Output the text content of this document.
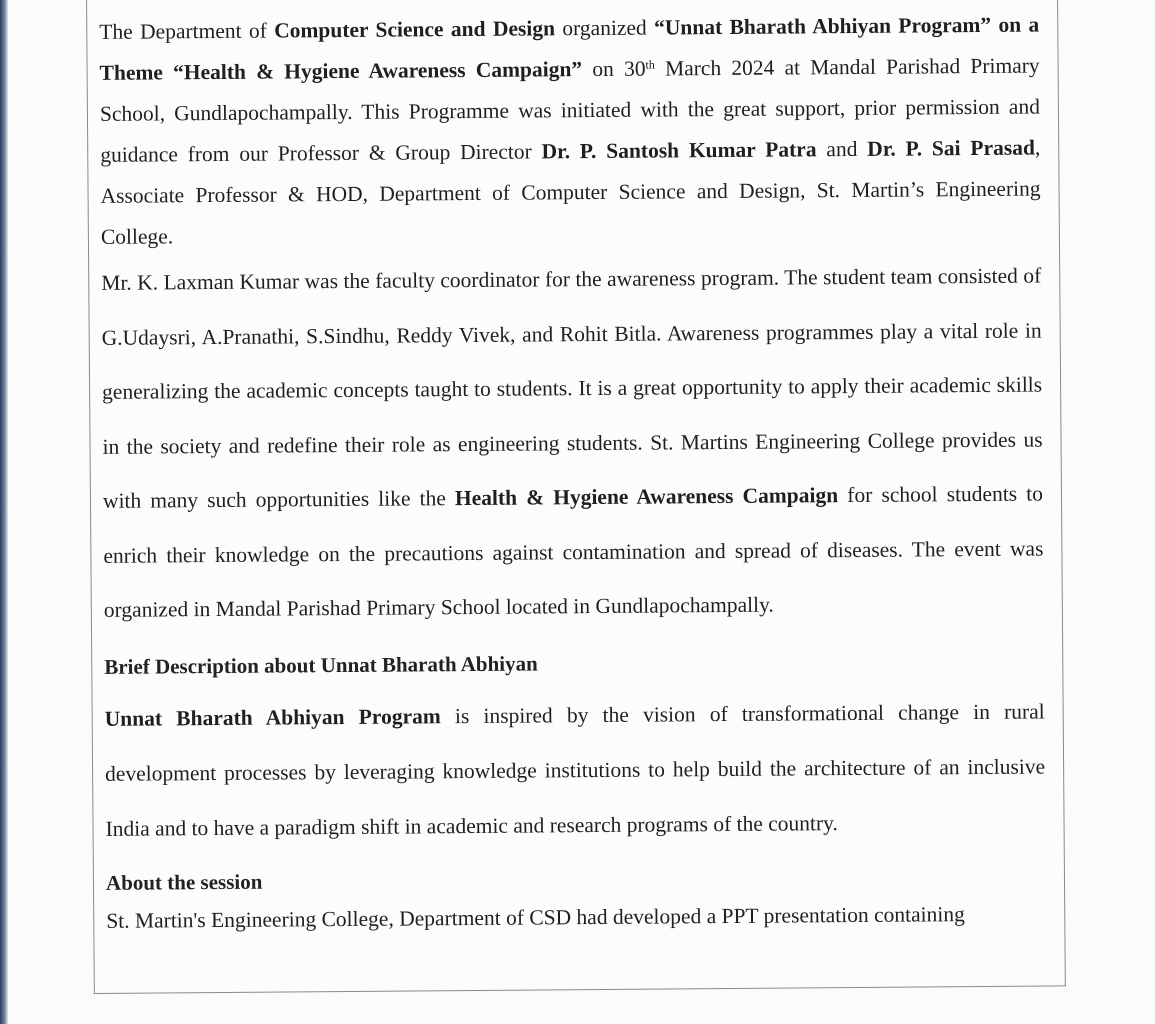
The Department of Computer Science and Design organized “Unnat Bharath Abhiyan Program” on a Theme “Health & Hygiene Awareness Campaign” on 30th March 2024 at Mandal Parishad Primary School, Gundlapochampally. This Programme was initiated with the great support, prior permission and guidance from our Professor & Group Director Dr. P. Santosh Kumar Patra and Dr. P. Sai Prasad, Associate Professor & HOD, Department of Computer Science and Design, St. Martin’s Engineering College.

Mr. K. Laxman Kumar was the faculty coordinator for the awareness program. The student team consisted of G.Udaysri, A.Pranathi, S.Sindhu, Reddy Vivek, and Rohit Bitla. Awareness programmes play a vital role in generalizing the academic concepts taught to students. It is a great opportunity to apply their academic skills in the society and redefine their role as engineering students. St. Martins Engineering College provides us with many such opportunities like the Health & Hygiene Awareness Campaign for school students to enrich their knowledge on the precautions against contamination and spread of diseases. The event was organized in Mandal Parishad Primary School located in Gundlapochampally.

Brief Description about Unnat Bharath Abhiyan

Unnat Bharath Abhiyan Program is inspired by the vision of transformational change in rural development processes by leveraging knowledge institutions to help build the architecture of an inclusive India and to have a paradigm shift in academic and research programs of the country.

About the session

St. Martin's Engineering College, Department of CSD had developed a PPT presentation containing
